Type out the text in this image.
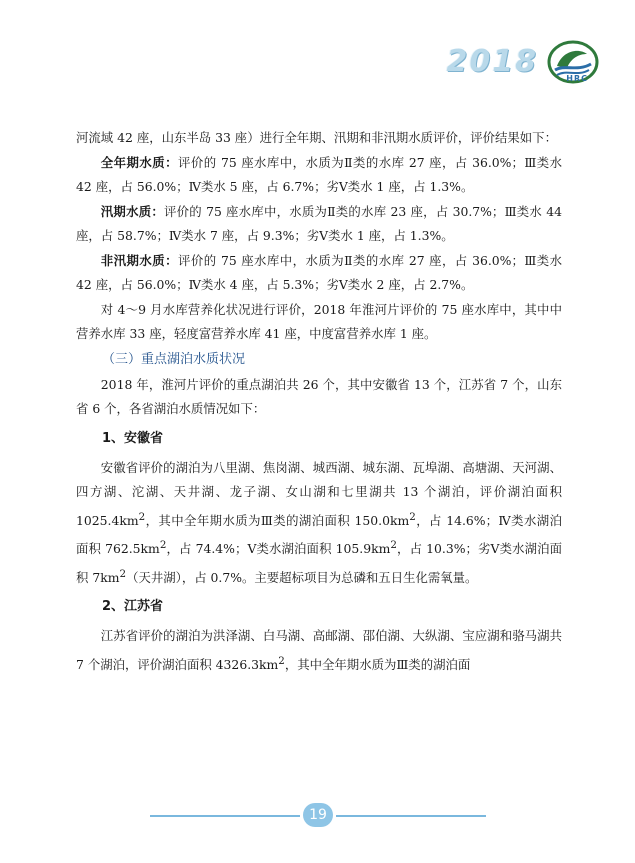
2018	HRC

河流域 42 座，山东半岛 33 座）进行全年期、汛期和非汛期水质评价，评价结果如下：

全年期水质：评价的 75 座水库中，水质为Ⅱ类的水库 27 座，占 36.0%；Ⅲ类水 42 座，占 56.0%；Ⅳ类水 5 座，占 6.7%；劣Ⅴ类水 1 座，占 1.3%。

汛期水质：评价的 75 座水库中，水质为Ⅱ类的水库 23 座，占 30.7%；Ⅲ类水 44 座，占 58.7%；Ⅳ类水 7 座，占 9.3%；劣Ⅴ类水 1 座，占 1.3%。

非汛期水质：评价的 75 座水库中，水质为Ⅱ类的水库 27 座，占 36.0%；Ⅲ类水 42 座，占 56.0%；Ⅳ类水 4 座，占 5.3%；劣Ⅴ类水 2 座，占 2.7%。

对 4～9 月水库营养化状况进行评价，2018 年淮河片评价的 75 座水库中，其中中营养水库 33 座，轻度富营养水库 41 座，中度富营养水库 1 座。

（三）重点湖泊水质状况

2018 年，淮河片评价的重点湖泊共 26 个，其中安徽省 13 个，江苏省 7 个，山东省 6 个，各省湖泊水质情况如下：

1、安徽省

安徽省评价的湖泊为八里湖、焦岗湖、城西湖、城东湖、瓦埠湖、高塘湖、天河湖、四方湖、沱湖、天井湖、龙子湖、女山湖和七里湖共 13 个湖泊，评价湖泊面积 $1025.4km^2$，其中全年期水质为Ⅲ类的湖泊面积 $150.0km^2$，占 14.6%；Ⅳ类水湖泊面积 $762.5km^2$，占 74.4%；Ⅴ类水湖泊面积 $105.9km^2$，占 10.3%；劣Ⅴ类水湖泊面积 $7km^2$（天井湖），占 0.7%。主要超标项目为总磷和五日生化需氧量。

2、江苏省

江苏省评价的湖泊为洪泽湖、白马湖、高邮湖、邵伯湖、大纵湖、宝应湖和骆马湖共 7 个湖泊，评价湖泊面积 $4326.3km^2$，其中全年期水质为Ⅲ类的湖泊面

19
